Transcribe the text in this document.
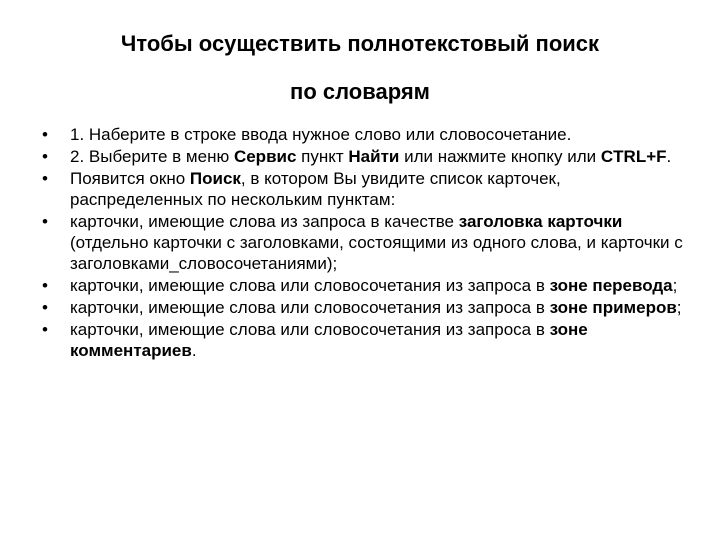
Чтобы осуществить полнотекстовый поиск
по словарям
• 1. Наберите в строке ввода нужное слово или словосочетание.
• 2. Выберите в меню Сервис пункт Найти или нажмите кнопку или CTRL+F.
• Появится окно Поиск, в котором Вы увидите список карточек, распределенных по нескольким пунктам:
• карточки, имеющие слова из запроса в качестве заголовка карточки (отдельно карточки с заголовками, состоящими из одного слова, и карточки с заголовками_словосочетаниями);
• карточки, имеющие слова или словосочетания из запроса в зоне перевода;
• карточки, имеющие слова или словосочетания из запроса в зоне примеров;
• карточки, имеющие слова или словосочетания из запроса в зоне комментариев.
